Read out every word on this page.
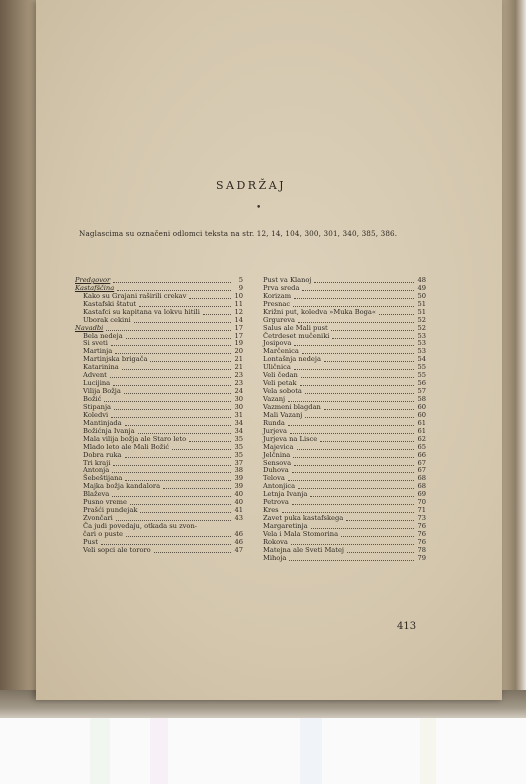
SADRŽAJ
•
Naglascima su označeni odlomci teksta na str. 12, 14, 104, 300, 301, 340, 385, 386.
Predgovor	5
Kastafščina	9
Kako su Grajani raširili crekav	10
Kastafski štatut	11
Kastafci su kapitana va lokvu hitili	12
Uborak cekini	14
Navadbi	17
Bela nedeja	17
Si sveti	19
Martinja	20
Martinjska brigača	21
Katarinina	21
Advent	23
Lucijina	23
Vilija Božja	24
Božić	30
Stipanja	30
Koledvi	31
Mantinjada	34
Božićnja Ivanja	34
Mala vilija božja ale Staro leto	35
Mlado leto ale Mali Božić	35
Dobra ruka	35
Tri kraji	37
Antonja	38
Šebeštijana	39
Majka božja kandalora	39
Blaževa	40
Pusno vreme	40
Prašći pundejak	41
Zvončari	43
Ča judi povedaju, otkada su zvon-
čari o puste	46
Pust	46
Veli sopci ale tororo	47
Pust va Klanoj	48
Prva sreda	49
Korizam	50
Presnac	51
Križni put, koledva »Muka Boga«	51
Grgureva	52
Salus ale Mali pust	52
Četrdeset mučeniki	53
Josipova	53
Marčenica	53
Lontašnja nedeja	54
Uličnica	55
Veli čedan	55
Veli petak	56
Vela sobota	57
Vazanj	58
Vazmeni blagdan	60
Mali Vazanj	60
Runda	61
Jurjeva	61
Jurjeva na Lisce	62
Majevica	65
Jelčnina	66
Sensova	67
Duhova	67
Telova	68
Antonjica	68
Letnja Ivanja	69
Petrova	70
Kres	71
Zavet puka kastafskega	73
Margaretinja	76
Vela i Mala Stomorina	76
Rokova	76
Matejna ale Sveti Matej	78
Mihoja	79
413
